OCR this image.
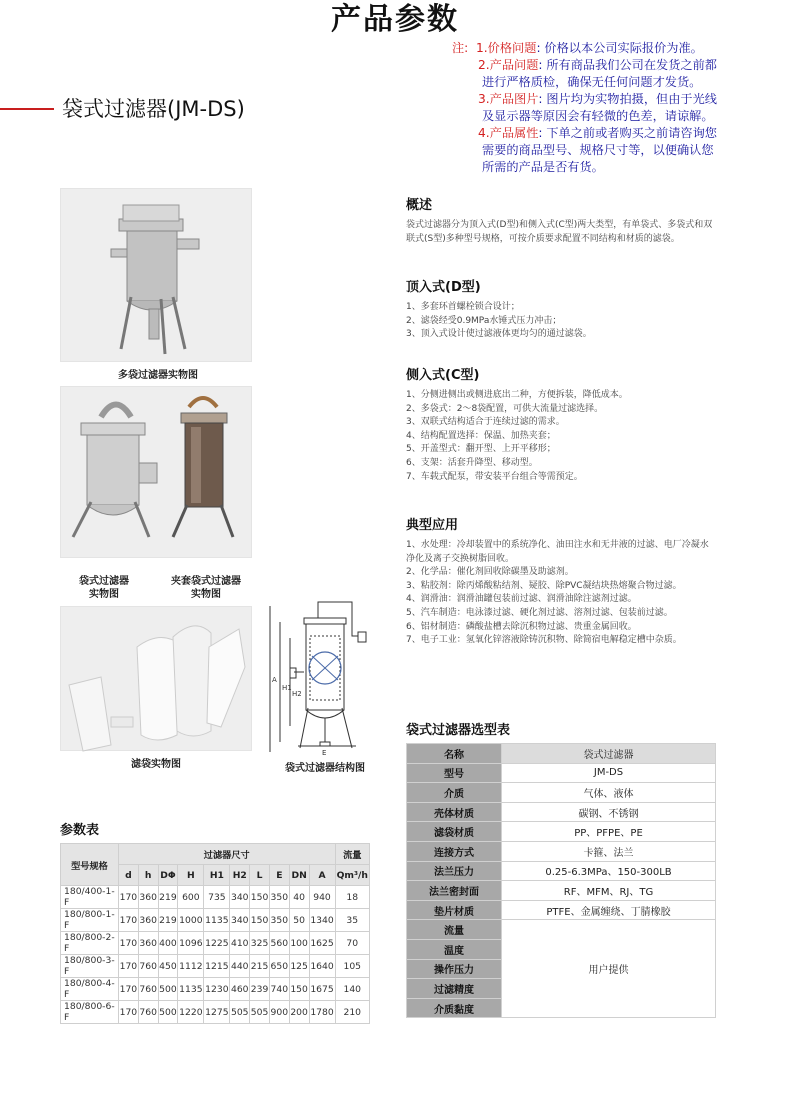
产品参数
注: 1.价格问题: 价格以本公司实际报价为准。
2.产品问题: 所有商品我们公司在发货之前都
进行严格质检，确保无任何问题才发货。
3.产品图片: 图片均为实物拍摄，但由于光线
及显示器等原因会有轻微的色差，请谅解。
4.产品属性: 下单之前或者购买之前请咨询您
需要的商品型号、规格尺寸等，以便确认您
所需的产品是否有货。
袋式过滤器(JM-DS)
多袋过滤器实物图
袋式过滤器
实物图
夹套袋式过滤器
实物图
滤袋实物图
A
H1
H2
E
袋式过滤器结构图
概述
袋式过滤器分为顶入式(D型)和侧入式(C型)两大类型，有单袋式、多袋式和双
联式(S型)多种型号规格，可按介质要求配置不同结构和材质的滤袋。
顶入式(D型)
1、多套环首螺栓锁合设计；
2、滤袋经受0.9MPa水锤式压力冲击；
3、顶入式设计使过滤液体更均匀的通过滤袋。
侧入式(C型)
1、分侧进侧出或侧进底出二种，方便拆装，降低成本。
2、多袋式：2～8袋配置，可供大流量过滤选择。
3、双联式结构适合于连续过滤的需求。
4、结构配置选择：保温、加热夹套；
5、开盖型式：翻开型、上开平移形；
6、支架：活套升降型、移动型。
7、车载式配泵，带安装平台组合等需预定。
典型应用
1、水处理：冷却装置中的系统净化、油田注水和无井液的过滤、电厂冷凝水
净化及离子交换树脂回收。
2、化学品：催化剂回收除碳墨及助滤剂。
3、粘胶剂：除丙烯酸粘结剂、疑胶、除PVC凝结块热熔聚合物过滤。
4、润滑油：润滑油罐包装前过滤、润滑油除注滤剂过滤。
5、汽车制造：电泳漆过滤、硬化剂过滤、溶剂过滤、包装前过滤。
6、铝材制造：磷酸盐槽去除沉积物过滤、贵重金属回收。
7、电子工业：氢氧化锌溶液除铸沉积物、除简宿电解稳定槽中杂质。
袋式过滤器选型表
名称	袋式过滤器
型号	JM-DS
介质	气体、液体
壳体材质	碳钢、不锈钢
滤袋材质	PP、PFPE、PE
连接方式	卡箍、法兰
法兰压力	0.25-6.3MPa、150-300LB
法兰密封面	RF、MFM、RJ、TG
垫片材质	PTFE、金属缠绕、丁腈橡胶
流量	用户提供
温度	
操作压力	
过滤精度	
介质黏度	
参数表
型号规格	过滤器尺寸										流量
	d	h	DΦ	H	H1	H2	L	E	DN	A	Qm³/h
180/400-1-F	170	360	219	600	735	340	150	350	40	940	18
180/800-1-F	170	360	219	1000	1135	340	150	350	50	1340	35
180/800-2-F	170	360	400	1096	1225	410	325	560	100	1625	70
180/800-3-F	170	760	450	1112	1215	440	215	650	125	1640	105
180/800-4-F	170	760	500	1135	1230	460	239	740	150	1675	140
180/800-6-F	170	760	500	1220	1275	505	505	900	200	1780	210
